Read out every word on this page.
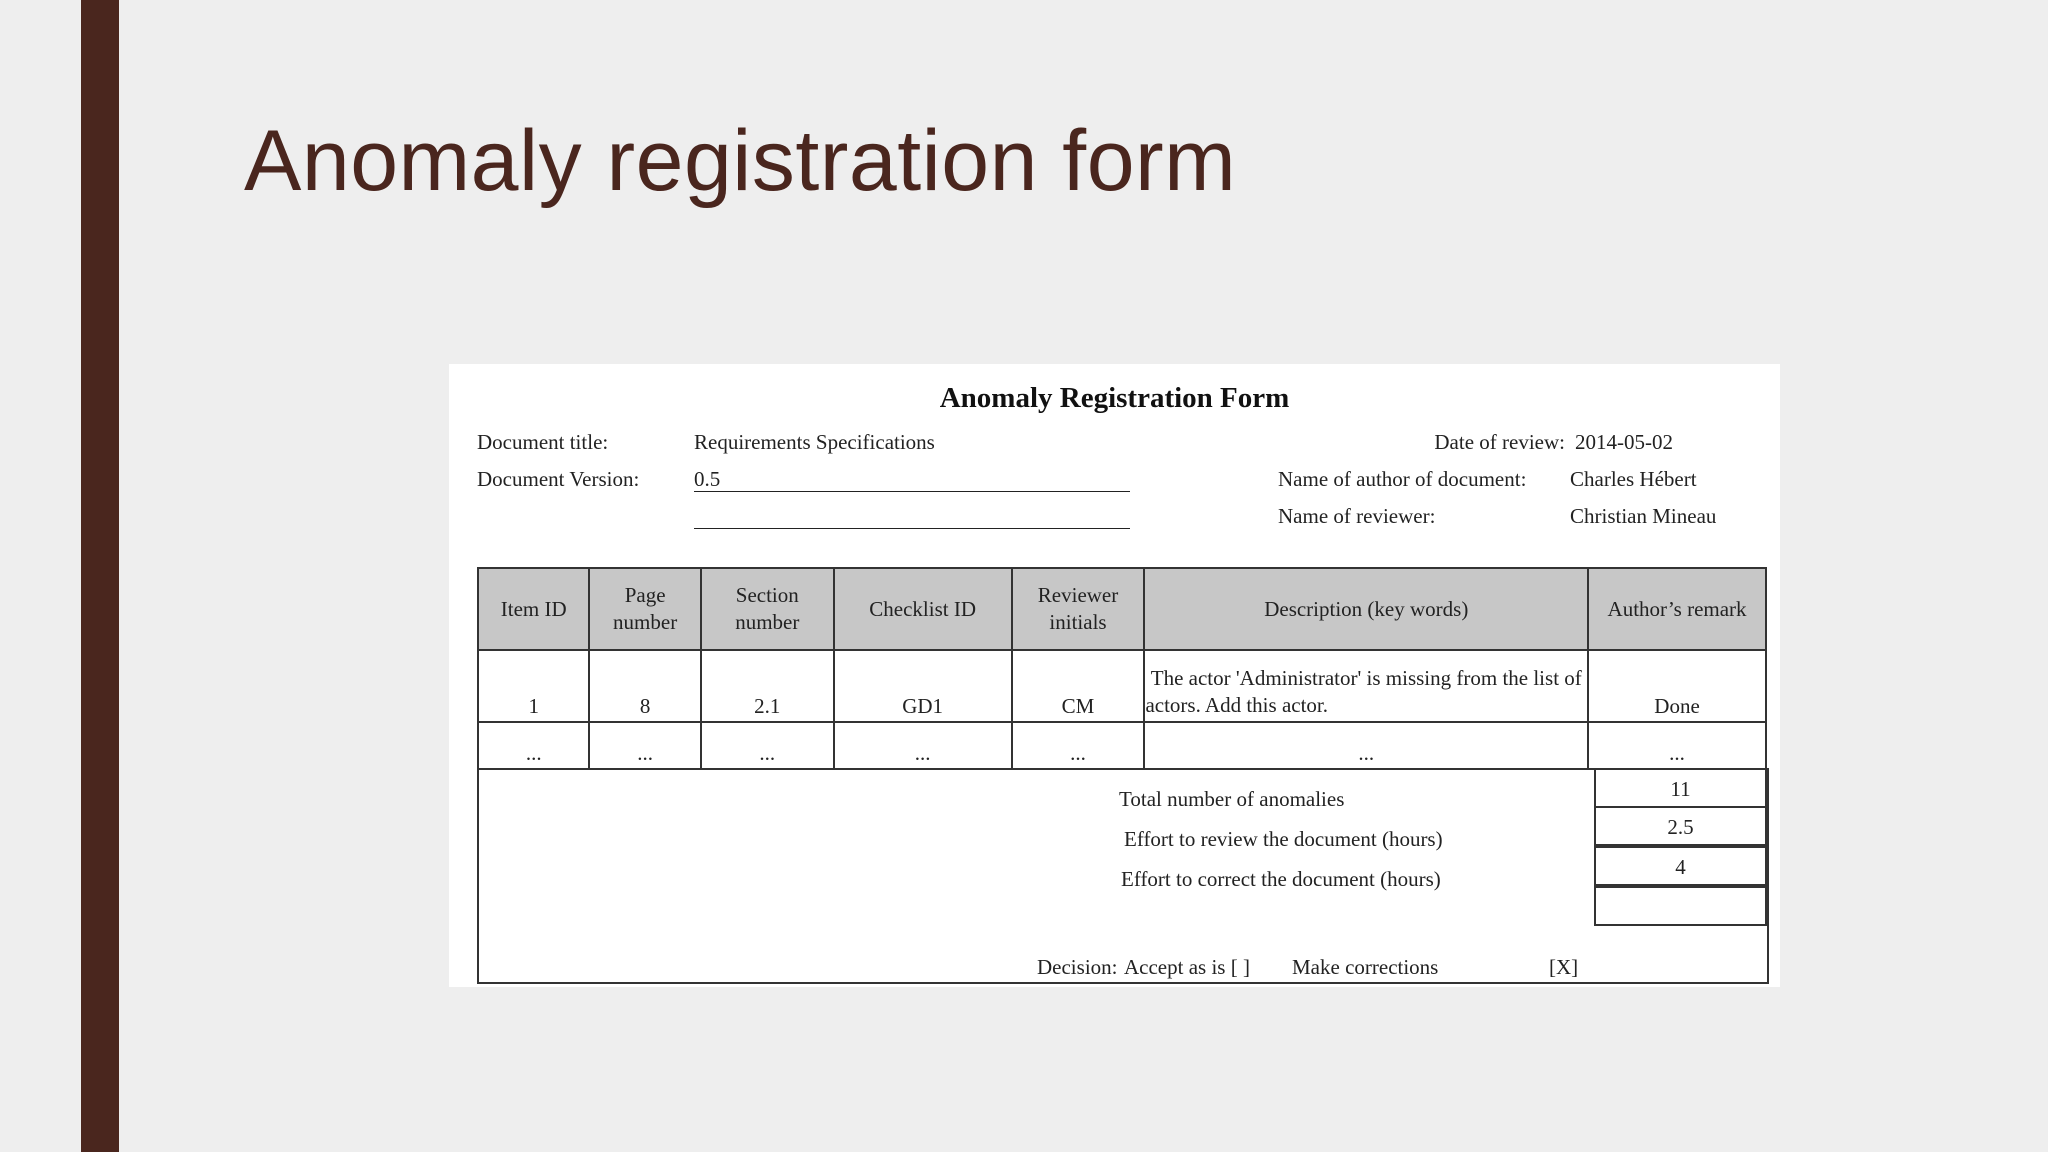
Anomaly registration form
Anomaly Registration Form
Document title:	Requirements Specifications
Document Version:	0.5
Date of review: 2014-05-02
Name of author of document: Charles Hébert
Name of reviewer:	Christian Mineau
Item ID	Page number	Section number	Checklist ID	Reviewer initials	Description (key words)	Author’s remark
1	8	2.1	GD1	CM	The actor 'Administrator' is missing from the list of actors. Add this actor.	Done
...	...	...	...	...	...	...
Total number of anomalies	11
Effort to review the document (hours)	2.5
Effort to correct the document (hours)	4
Decision: Accept as is [ ] Make corrections	[X]
